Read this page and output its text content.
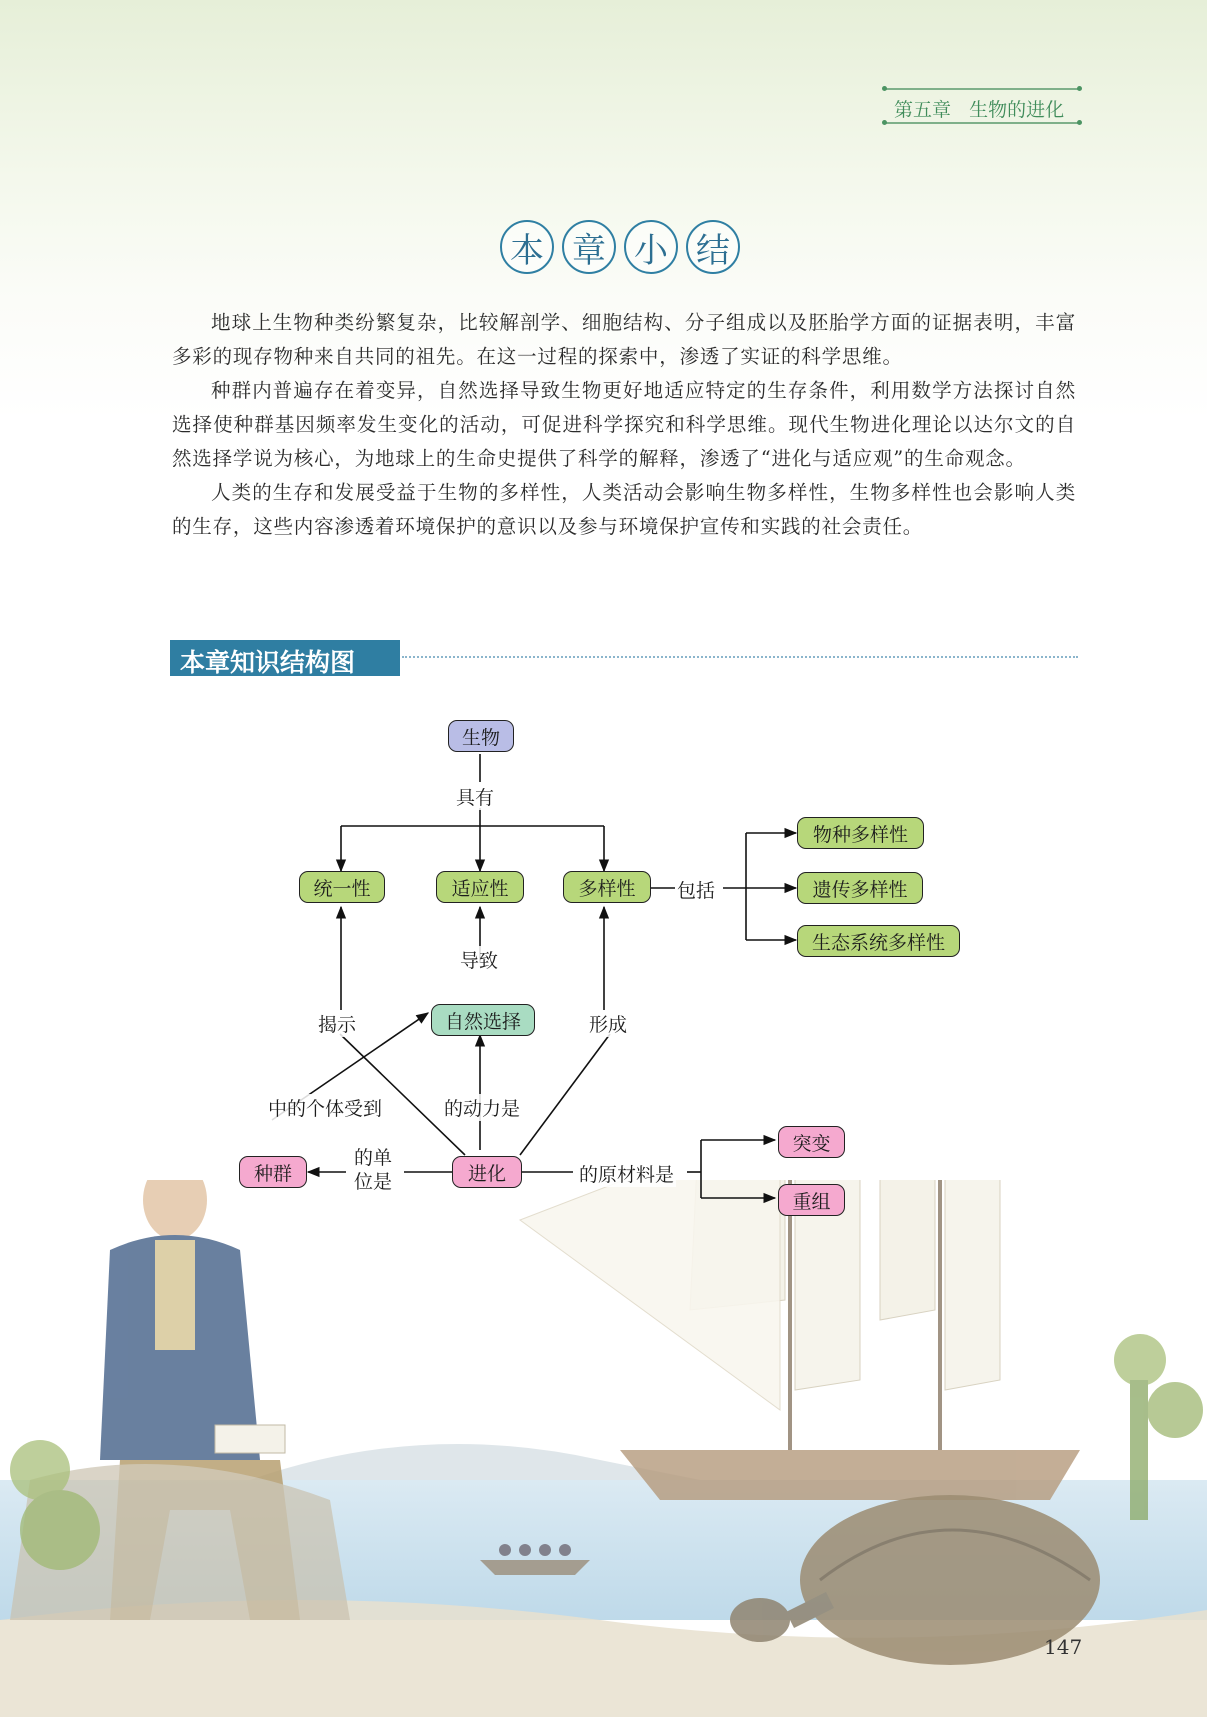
第五章 生物的进化
本 章 小 结

地球上生物种类纷繁复杂，比较解剖学、细胞结构、分子组成以及胚胎学方面的证据表明，丰富多彩的现存物种来自共同的祖先。在这一过程的探索中，渗透了实证的科学思维。

种群内普遍存在着变异，自然选择导致生物更好地适应特定的生存条件，利用数学方法探讨自然选择使种群基因频率发生变化的活动，可促进科学探究和科学思维。现代生物进化理论以达尔文的自然选择学说为核心，为地球上的生命史提供了科学的解释，渗透了“进化与适应观”的生命观念。

人类的生存和发展受益于生物的多样性，人类活动会影响生物多样性，生物多样性也会影响人类的生存，这些内容渗透着环境保护的意识以及参与环境保护宣传和实践的社会责任。

本章知识结构图
生物
统一性	适应性	多样性
物种多样性
遗传多样性
生态系统多样性
自然选择
种群	进化
突变
重组
具有
包括
导致
揭示	形成
中的个体受到	的动力是
的单
位是	的原材料是
147
